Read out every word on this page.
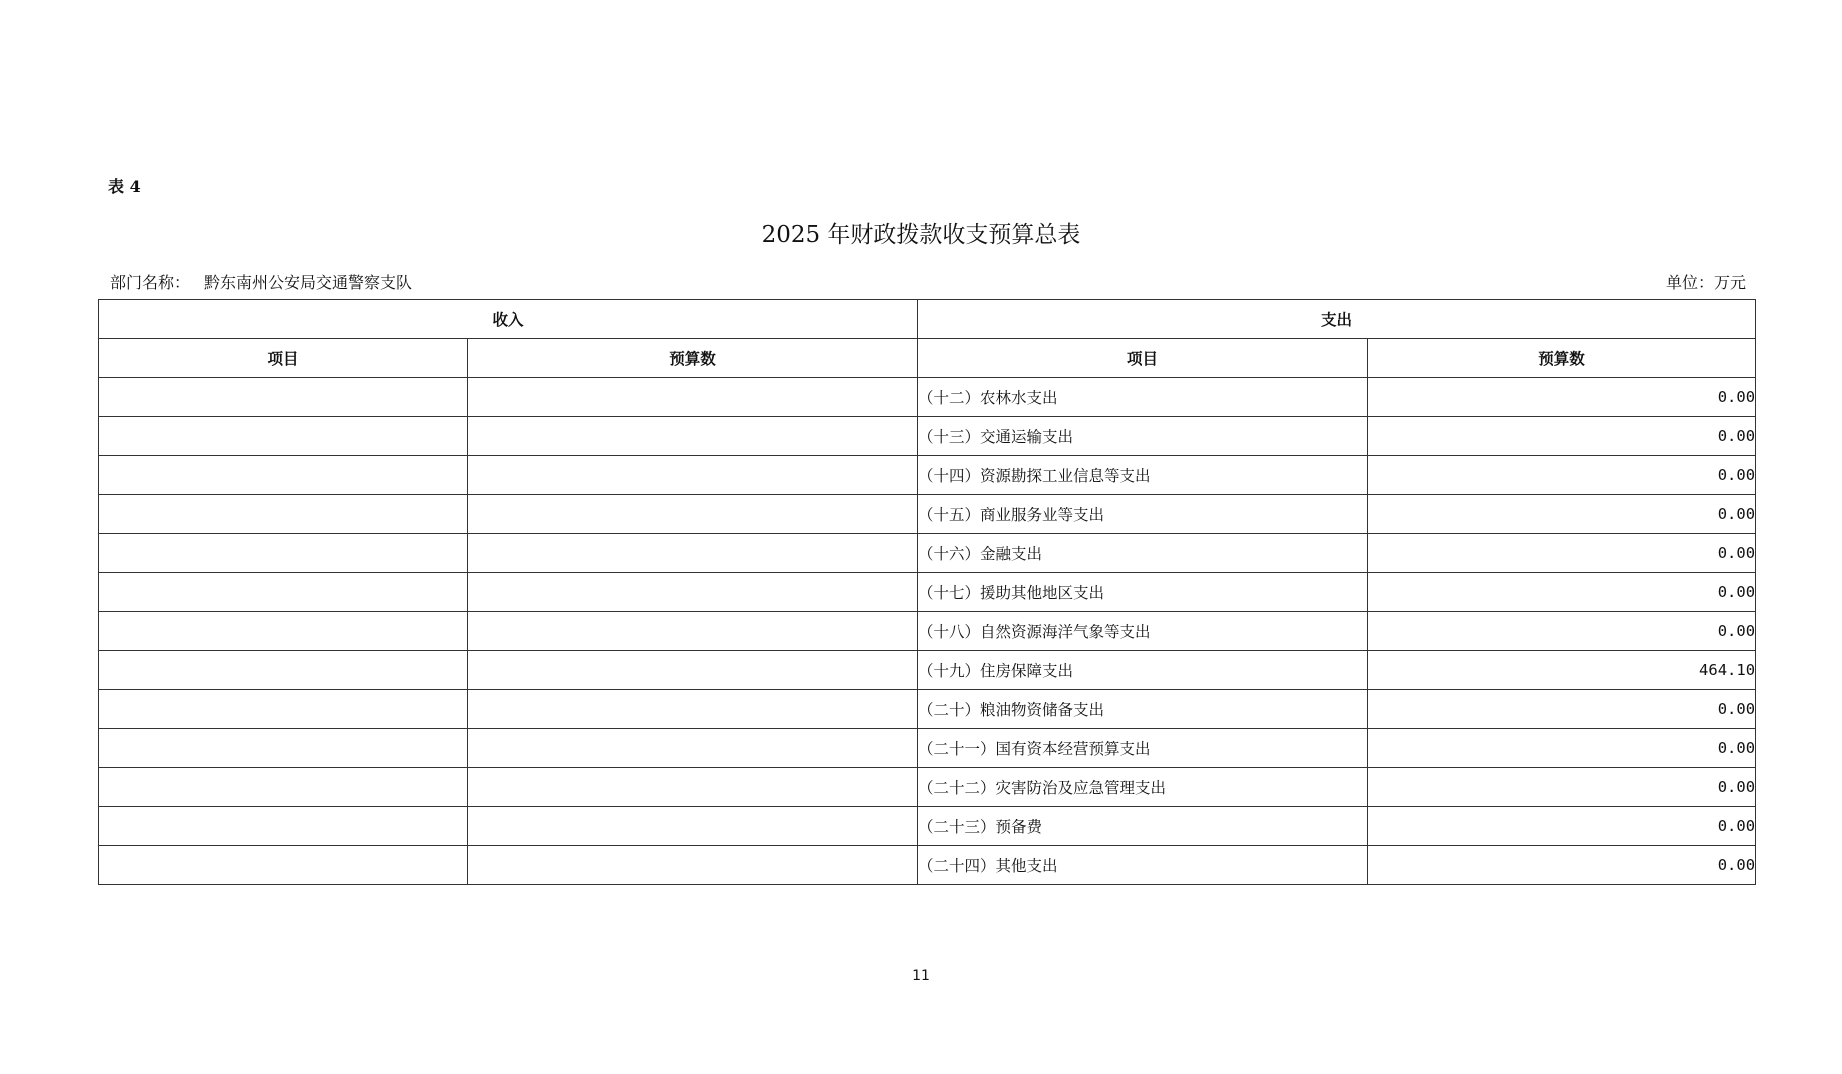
表 4
2025 年财政拨款收支预算总表
部门名称： 黔东南州公安局交通警察支队	单位：万元
收入		支出	
项目	预算数	项目	预算数
		（十二）农林水支出	0.00
		（十三）交通运输支出	0.00
		（十四）资源勘探工业信息等支出	0.00
		（十五）商业服务业等支出	0.00
		（十六）金融支出	0.00
		（十七）援助其他地区支出	0.00
		（十八）自然资源海洋气象等支出	0.00
		（十九）住房保障支出	464.10
		（二十）粮油物资储备支出	0.00
		（二十一）国有资本经营预算支出	0.00
		（二十二）灾害防治及应急管理支出	0.00
		（二十三）预备费	0.00
		（二十四）其他支出	0.00
11
